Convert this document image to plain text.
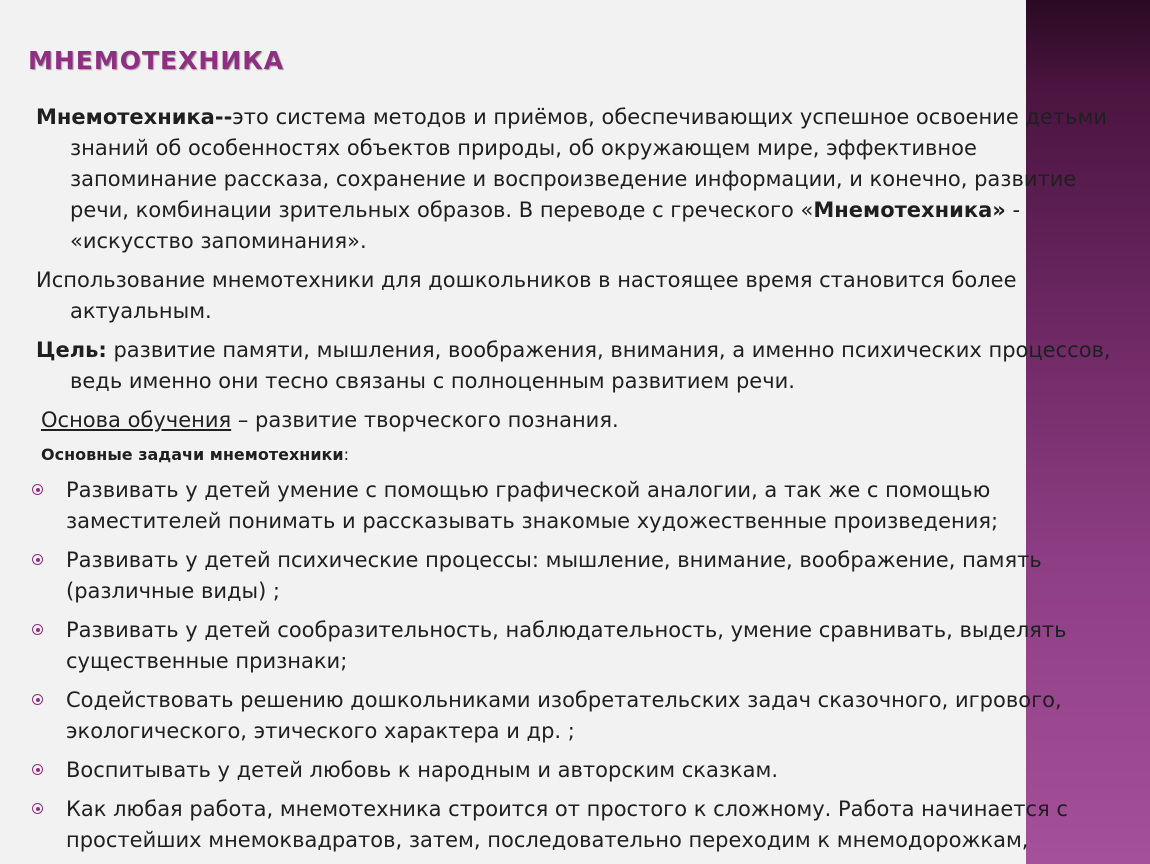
МНЕМОТЕХНИКА

Мнемотехника--это система методов и приёмов, обеспечивающих успешное освоение детьми знаний об особенностях объектов природы, об окружающем мире, эффективное запоминание рассказа, сохранение и воспроизведение информации, и конечно, развитие речи, комбинации зрительных образов. В переводе с греческого «Мнемотехника» - «искусство запоминания».

Использование мнемотехники для дошкольников в настоящее время становится более актуальным.

Цель: развитие памяти, мышления, воображения, внимания, а именно психических процессов, ведь именно они тесно связаны с полноценным развитием речи.

Основа обучения – развитие творческого познания.

Основные задачи мнемотехники:

Развивать у детей умение с помощью графической аналогии, а так же с помощью заместителей понимать и рассказывать знакомые художественные произведения;
Развивать у детей психические процессы: мышление, внимание, воображение, память (различные виды) ;
Развивать у детей сообразительность, наблюдательность, умение сравнивать, выделять существенные признаки;
Содействовать решению дошкольниками изобретательских задач сказочного, игрового, экологического, этического характера и др. ;
Воспитывать у детей любовь к народным и авторским сказкам.
Как любая работа, мнемотехника строится от простого к сложному. Работа начинается с простейших мнемоквадратов, затем, последовательно переходим к мнемодорожкам,
